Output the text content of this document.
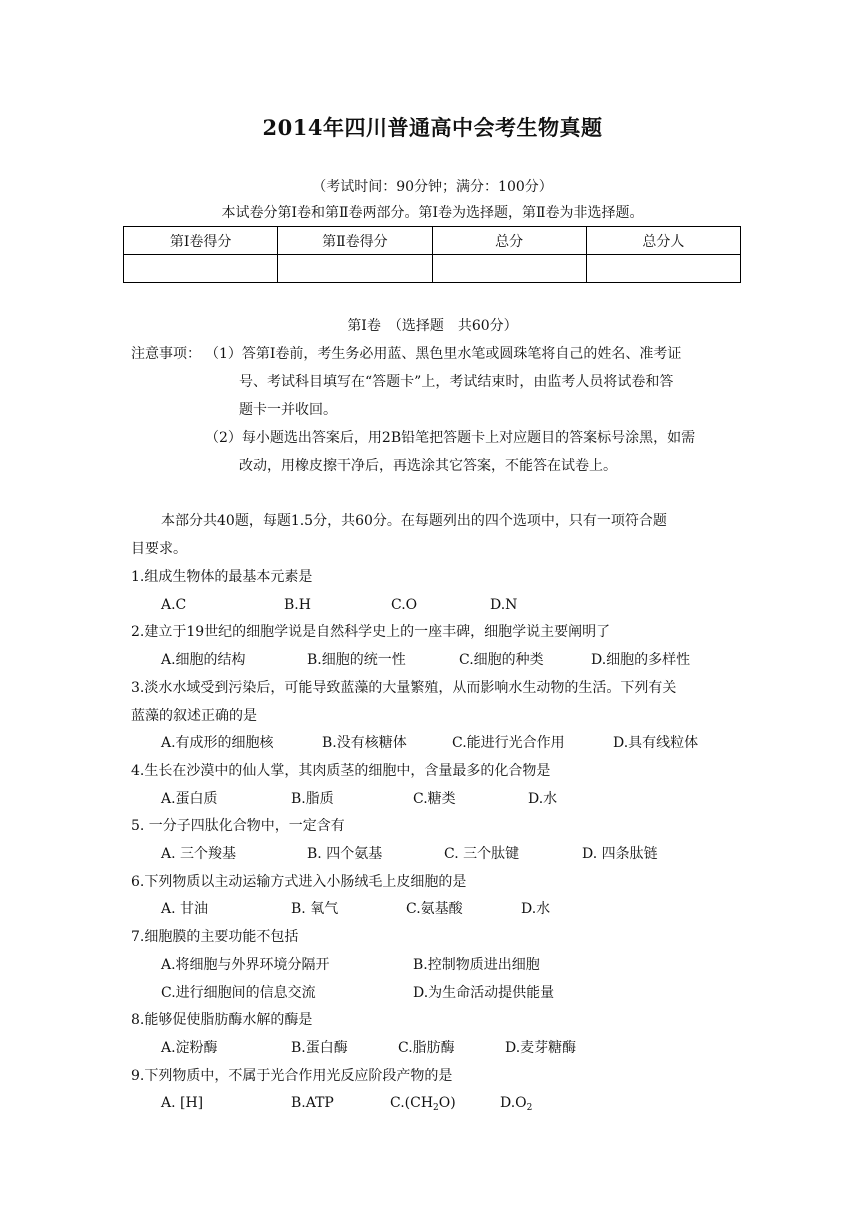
2014年四川普通高中会考生物真题
（考试时间：90分钟；满分：100分）
本试卷分第Ⅰ卷和第Ⅱ卷两部分。第Ⅰ卷为选择题，第Ⅱ卷为非选择题。
第Ⅰ卷得分	第Ⅱ卷得分	总分	总分人

第Ⅰ卷　（选择题　共60分）
注意事项： （1）答第Ⅰ卷前，考生务必用蓝、黑色里水笔或圆珠笔将自己的姓名、准考证
号、考试科目填写在“答题卡”上，考试结束时，由监考人员将试卷和答
题卡一并收回。
（2）每小题选出答案后，用2B铅笔把答题卡上对应题目的答案标号涂黑，如需
改动，用橡皮擦干净后，再选涂其它答案，不能答在试卷上。
本部分共40题，每题1.5分，共60分。在每题列出的四个选项中，只有一项符合题
目要求。
1.组成生物体的最基本元素是
A.C	B.H	C.O	D.N
2.建立于19世纪的细胞学说是自然科学史上的一座丰碑，细胞学说主要阐明了
A.细胞的结构	B.细胞的统一性	C.细胞的种类	D.细胞的多样性
3.淡水水域受到污染后，可能导致蓝藻的大量繁殖，从而影响水生动物的生活。下列有关
蓝藻的叙述正确的是
A.有成形的细胞核	B.没有核糖体	C.能进行光合作用	D.具有线粒体
4.生长在沙漠中的仙人掌，其肉质茎的细胞中，含量最多的化合物是
A.蛋白质	B.脂质	C.糖类	D.水
5. 一分子四肽化合物中，一定含有
A. 三个羧基	B. 四个氨基	C. 三个肽键	D. 四条肽链
6.下列物质以主动运输方式进入小肠绒毛上皮细胞的是
A. 甘油	B. 氧气	C.氨基酸	D.水
7.细胞膜的主要功能不包括
A.将细胞与外界环境分隔开	B.控制物质进出细胞
C.进行细胞间的信息交流	D.为生命活动提供能量
8.能够促使脂肪酶水解的酶是
A.淀粉酶	B.蛋白酶	C.脂肪酶	D.麦芽糖酶
9.下列物质中，不属于光合作用光反应阶段产物的是
A. [H]	B.ATP	$C.(CH_2O)$	$D.O_2$
